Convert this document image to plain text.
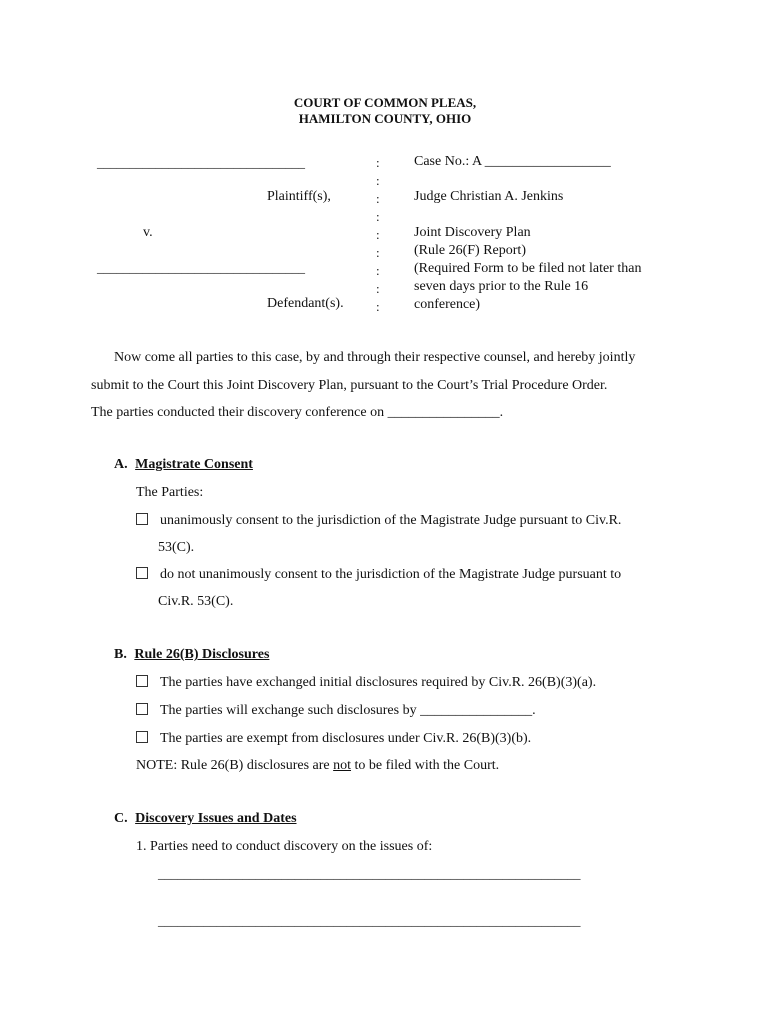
COURT OF COMMON PLEAS,
HAMILTON COUNTY, OHIO
________________________________
Plaintiff(s),
v.
________________________________
Defendant(s).
:
:
:
:
:
:
:
:
:
Case No.: A __________________
Judge Christian A. Jenkins
Joint Discovery Plan
(Rule 26(F) Report)
(Required Form to be filed not later than
seven days prior to the Rule 16
conference)
Now come all parties to this case, by and through their respective counsel, and hereby jointly
submit to the Court this Joint Discovery Plan, pursuant to the Court’s Trial Procedure Order.
The parties conducted their discovery conference on ________________.
A. Magistrate Consent
The Parties:
unanimously consent to the jurisdiction of the Magistrate Judge pursuant to Civ.R.
53(C).
do not unanimously consent to the jurisdiction of the Magistrate Judge pursuant to
Civ.R. 53(C).
B. Rule 26(B) Disclosures
The parties have exchanged initial disclosures required by Civ.R. 26(B)(3)(a).
The parties will exchange such disclosures by ________________.
The parties are exempt from disclosures under Civ.R. 26(B)(3)(b).
NOTE: Rule 26(B) disclosures are not to be filed with the Court.
C. Discovery Issues and Dates
1. Parties need to conduct discovery on the issues of:
_________________________________________________________________
_________________________________________________________________
